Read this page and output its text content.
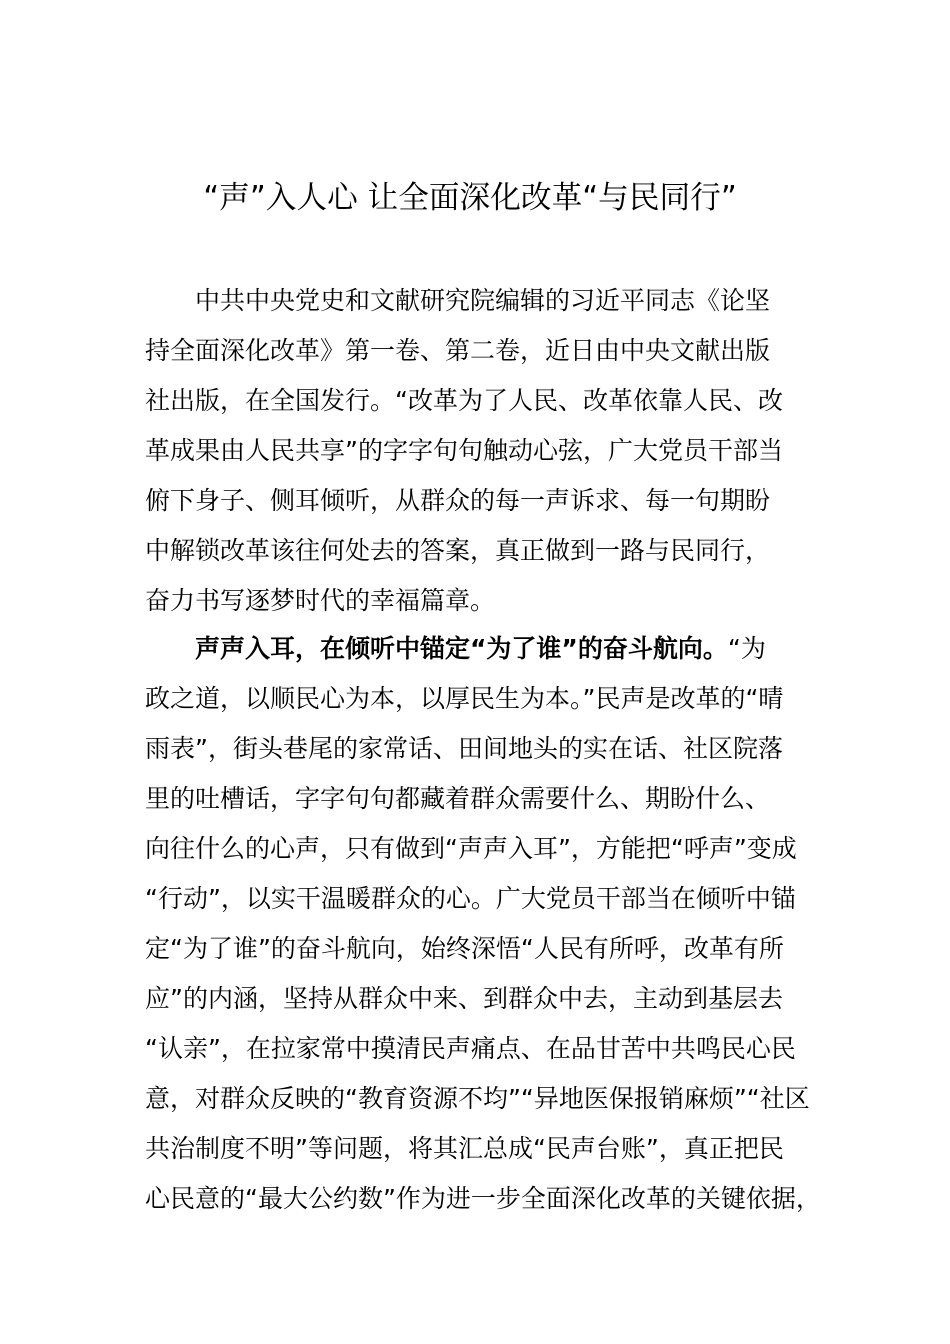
“声”入人心 让全面深化改革“与民同行”
中共中央党史和文献研究院编辑的习近平同志《论坚
持全面深化改革》第一卷、第二卷，近日由中央文献出版
社出版，在全国发行。“改革为了人民、改革依靠人民、改
革成果由人民共享”的字字句句触动心弦，广大党员干部当
俯下身子、侧耳倾听，从群众的每一声诉求、每一句期盼
中解锁改革该往何处去的答案，真正做到一路与民同行，
奋力书写逐梦时代的幸福篇章。
声声入耳，在倾听中锚定“为了谁”的奋斗航向。“为
政之道，以顺民心为本，以厚民生为本。”民声是改革的“晴
雨表”，街头巷尾的家常话、田间地头的实在话、社区院落
里的吐槽话，字字句句都藏着群众需要什么、期盼什么、
向往什么的心声，只有做到“声声入耳”，方能把“呼声”变成
“行动”，以实干温暖群众的心。广大党员干部当在倾听中锚
定“为了谁”的奋斗航向，始终深悟“人民有所呼，改革有所
应”的内涵，坚持从群众中来、到群众中去，主动到基层去
“认亲”，在拉家常中摸清民声痛点、在品甘苦中共鸣民心民
意，对群众反映的“教育资源不均”“异地医保报销麻烦”“社区
共治制度不明”等问题，将其汇总成“民声台账”，真正把民
心民意的“最大公约数”作为进一步全面深化改革的关键依据，
